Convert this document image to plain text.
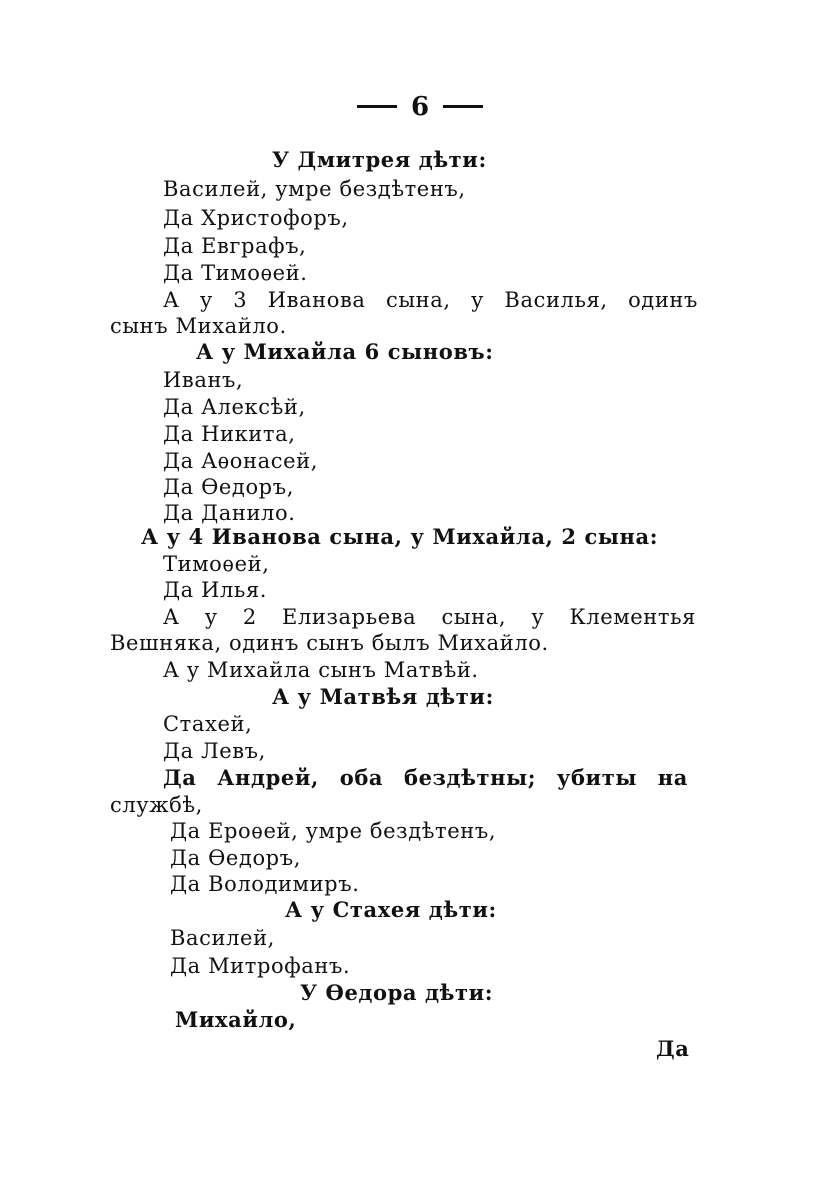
6
У Дмитрея дѣти:
Василей, умре бездѣтенъ,
Да Христофоръ,
Да Евграфъ,
Да Тимоѳей.
А у 3 Иванова сына, у Василья, одинъ
сынъ Михайло.
А у Михайла 6 сыновъ:
Иванъ,
Да Алексѣй,
Да Никита,
Да Аѳонасей,
Да Ѳедоръ,
Да Данило.
А у 4 Иванова сына, у Михайла, 2 сына:
Тимоѳей,
Да Илья.
А у 2 Елизарьева сына, у Клементья
Вешняка, одинъ сынъ былъ Михайло.
А у Михайла сынъ Матвѣй.
А у Матвѣя дѣти:
Стахей,
Да Левъ,
Да Андрей, оба бездѣтны; убиты на
службѣ,
Да Ероѳей, умре бездѣтенъ,
Да Ѳедоръ,
Да Володимиръ.
А у Стахея дѣти:
Василей,
Да Митрофанъ.
У Ѳедора дѣти:
Михайло,
Да
